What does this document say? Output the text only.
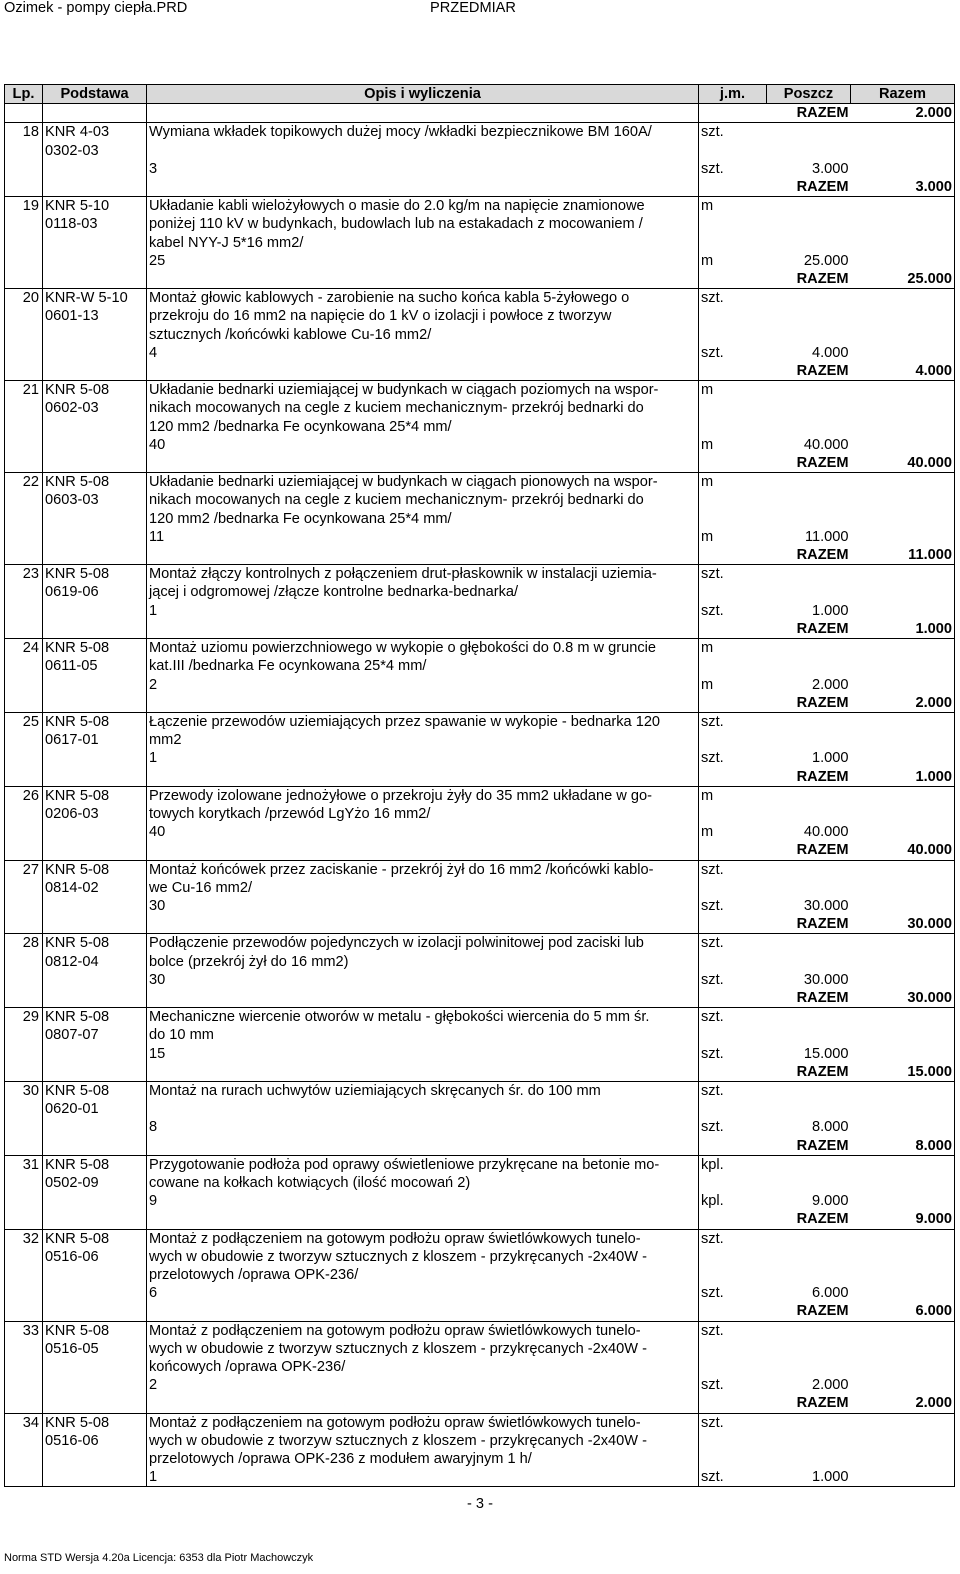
Ozimek - pompy ciepła.PRD	PRZEDMIAR
Lp.	Podstawa	Opis i wyliczenia	j.m.	Poszcz	Razem
				RAZEM	2.000
18	KNR 4-03	Wymiana wkładek topikowych dużej mocy /wkładki bezpiecznikowe BM 160A/	szt.		
	0302-03				
		3	szt.	3.000	
				RAZEM	3.000
19	KNR 5-10	Układanie kabli wielożyłowych o masie do 2.0 kg/m na napięcie znamionowe	m		
	0118-03	poniżej 110 kV w budynkach, budowlach lub na estakadach z mocowaniem /			
		kabel NYY-J 5*16 mm2/			
		25	m	25.000	
				RAZEM	25.000
20	KNR-W 5-10	Montaż głowic kablowych - zarobienie na sucho końca kabla 5-żyłowego o	szt.		
	0601-13	przekroju do 16 mm2 na napięcie do 1 kV o izolacji i powłoce z tworzyw			
		sztucznych /końcówki kablowe Cu-16 mm2/			
		4	szt.	4.000	
				RAZEM	4.000
21	KNR 5-08	Układanie bednarki uziemiającej w budynkach w ciągach poziomych na wspor-	m		
	0602-03	nikach mocowanych na cegle z kuciem mechanicznym- przekrój bednarki do			
		120 mm2 /bednarka Fe ocynkowana 25*4 mm/			
		40	m	40.000	
				RAZEM	40.000
22	KNR 5-08	Układanie bednarki uziemiającej w budynkach w ciągach pionowych na wspor-	m		
	0603-03	nikach mocowanych na cegle z kuciem mechanicznym- przekrój bednarki do			
		120 mm2 /bednarka Fe ocynkowana 25*4 mm/			
		11	m	11.000	
				RAZEM	11.000
23	KNR 5-08	Montaż złączy kontrolnych z połączeniem drut-płaskownik w instalacji uziemia-	szt.		
	0619-06	jącej i odgromowej /złącze kontrolne bednarka-bednarka/			
		1	szt.	1.000	
				RAZEM	1.000
24	KNR 5-08	Montaż uziomu powierzchniowego w wykopie o głębokości do 0.8 m w gruncie	m		
	0611-05	kat.III /bednarka Fe ocynkowana 25*4 mm/			
		2	m	2.000	
				RAZEM	2.000
25	KNR 5-08	Łączenie przewodów uziemiających przez spawanie w wykopie - bednarka 120	szt.		
	0617-01	mm2			
		1	szt.	1.000	
				RAZEM	1.000
26	KNR 5-08	Przewody izolowane jednożyłowe o przekroju żyły do 35 mm2 układane w go-	m		
	0206-03	towych korytkach /przewód LgYżo 16 mm2/			
		40	m	40.000	
				RAZEM	40.000
27	KNR 5-08	Montaż końcówek przez zaciskanie - przekrój żył do 16 mm2 /końcówki kablo-	szt.		
	0814-02	we Cu-16 mm2/			
		30	szt.	30.000	
				RAZEM	30.000
28	KNR 5-08	Podłączenie przewodów pojedynczych w izolacji polwinitowej pod zaciski lub	szt.		
	0812-04	bolce (przekrój żył do 16 mm2)			
		30	szt.	30.000	
				RAZEM	30.000
29	KNR 5-08	Mechaniczne wiercenie otworów w metalu - głębokości wiercenia do 5 mm śr.	szt.		
	0807-07	do 10 mm			
		15	szt.	15.000	
				RAZEM	15.000
30	KNR 5-08	Montaż na rurach uchwytów uziemiających skręcanych śr. do 100 mm	szt.		
	0620-01				
		8	szt.	8.000	
				RAZEM	8.000
31	KNR 5-08	Przygotowanie podłoża pod oprawy oświetleniowe przykręcane na betonie mo-	kpl.		
	0502-09	cowane na kołkach kotwiących (ilość mocowań 2)			
		9	kpl.	9.000	
				RAZEM	9.000
32	KNR 5-08	Montaż z podłączeniem na gotowym podłożu opraw świetlówkowych tunelo-	szt.		
	0516-06	wych w obudowie z tworzyw sztucznych z kloszem - przykręcanych -2x40W -			
		przelotowych /oprawa OPK-236/			
		6	szt.	6.000	
				RAZEM	6.000
33	KNR 5-08	Montaż z podłączeniem na gotowym podłożu opraw świetlówkowych tunelo-	szt.		
	0516-05	wych w obudowie z tworzyw sztucznych z kloszem - przykręcanych -2x40W -			
		końcowych /oprawa OPK-236/			
		2	szt.	2.000	
				RAZEM	2.000
34	KNR 5-08	Montaż z podłączeniem na gotowym podłożu opraw świetlówkowych tunelo-	szt.		
	0516-06	wych w obudowie z tworzyw sztucznych z kloszem - przykręcanych -2x40W -			
		przelotowych /oprawa OPK-236 z modułem awaryjnym 1 h/			
		1	szt.	1.000	
- 3 -
Norma STD Wersja 4.20a Licencja: 6353 dla Piotr Machowczyk
